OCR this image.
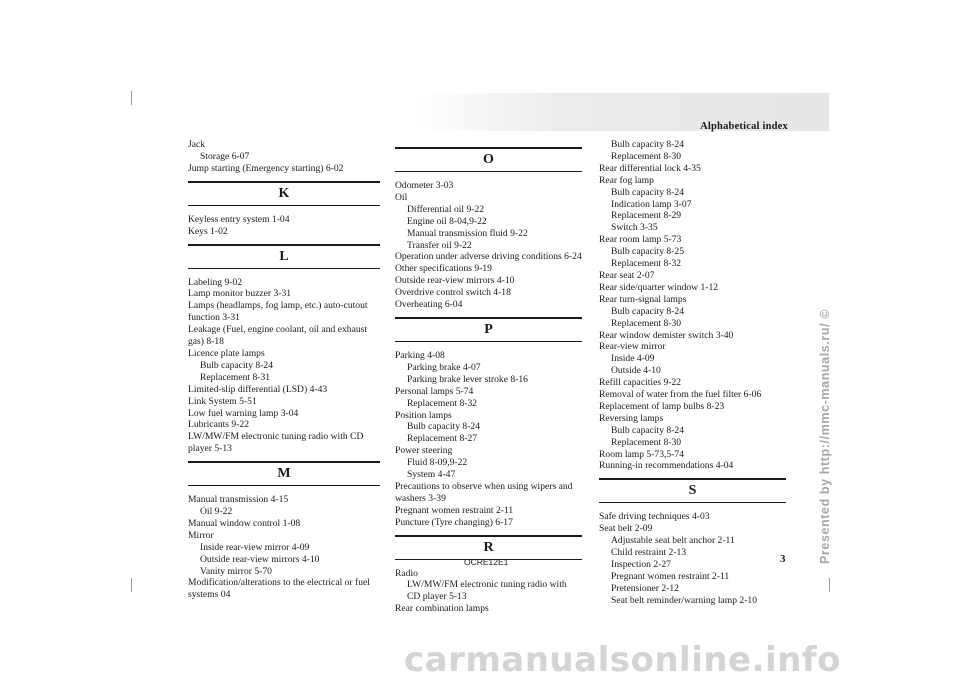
Alphabetical index
Jack
Storage 6-07
Jump starting (Emergency starting) 6-02
K
Keyless entry system 1-04
Keys 1-02
L
Labeling 9-02
Lamp monitor buzzer 3-31
Lamps (headlamps, fog lamp, etc.) auto-cutout function 3-31
Leakage (Fuel, engine coolant, oil and exhaust gas) 8-18
Licence plate lamps
Bulb capacity 8-24
Replacement 8-31
Limited-slip differential (LSD) 4-43
Link System 5-51
Low fuel warning lamp 3-04
Lubricants 9-22
LW/MW/FM electronic tuning radio with CD player 5-13
M
Manual transmission 4-15
Oil 9-22
Manual window control 1-08
Mirror
Inside rear-view mirror 4-09
Outside rear-view mirrors 4-10
Vanity mirror 5-70
Modification/alterations to the electrical or fuel systems 04
O
Odometer 3-03
Oil
Differential oil 9-22
Engine oil 8-04,9-22
Manual transmission fluid 9-22
Transfer oil 9-22
Operation under adverse driving conditions 6-24
Other specifications 9-19
Outside rear-view mirrors 4-10
Overdrive control switch 4-18
Overheating 6-04
P
Parking 4-08
Parking brake 4-07
Parking brake lever stroke 8-16
Personal lamps 5-74
Replacement 8-32
Position lamps
Bulb capacity 8-24
Replacement 8-27
Power steering
Fluid 8-09,9-22
System 4-47
Precautions to observe when using wipers and washers 3-39
Pregnant women restraint 2-11
Puncture (Tyre changing) 6-17
R
Radio
LW/MW/FM electronic tuning radio with CD player 5-13
Rear combination lamps
Bulb capacity 8-24
Replacement 8-30
Rear differential lock 4-35
Rear fog lamp
Bulb capacity 8-24
Indication lamp 3-07
Replacement 8-29
Switch 3-35
Rear room lamp 5-73
Bulb capacity 8-25
Replacement 8-32
Rear seat 2-07
Rear side/quarter window 1-12
Rear turn-signal lamps
Bulb capacity 8-24
Replacement 8-30
Rear window demister switch 3-40
Rear-view mirror
Inside 4-09
Outside 4-10
Refill capacities 9-22
Removal of water from the fuel filter 6-06
Replacement of lamp bulbs 8-23
Reversing lamps
Bulb capacity 8-24
Replacement 8-30
Room lamp 5-73,5-74
Running-in recommendations 4-04
S
Safe driving techniques 4-03
Seat belt 2-09
Adjustable seat belt anchor 2-11
Child restraint 2-13
Inspection 2-27
Pregnant women restraint 2-11
Pretensioner 2-12
Seat belt reminder/warning lamp 2-10
OCRE12E1	3	Presented by http://mmc-manuals.ru/ ©
carmanualsonline.info
